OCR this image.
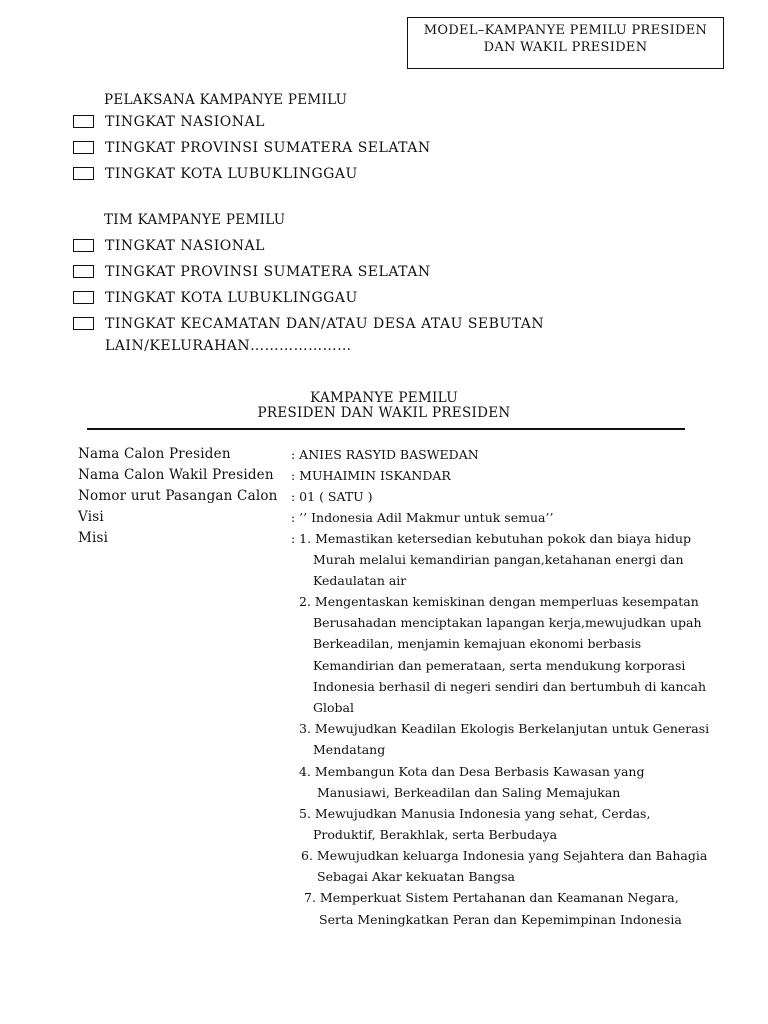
MODEL–KAMPANYE PEMILU PRESIDEN
DAN WAKIL PRESIDEN
PELAKSANA KAMPANYE PEMILU
TINGKAT NASIONAL
TINGKAT PROVINSI SUMATERA SELATAN
TINGKAT KOTA LUBUKLINGGAU
TIM KAMPANYE PEMILU
TINGKAT NASIONAL
TINGKAT PROVINSI SUMATERA SELATAN
TINGKAT KOTA LUBUKLINGGAU
TINGKAT KECAMATAN DAN/ATAU DESA ATAU SEBUTAN
LAIN/KELURAHAN…………………
KAMPANYE PEMILU
PRESIDEN DAN WAKIL PRESIDEN
Nama Calon Presiden	: ANIES RASYID BASWEDAN
Nama Calon Wakil Presiden : MUHAIMIN ISKANDAR
Nomor urut Pasangan Calon : 01 ( SATU )
Visi	: ’’ Indonesia Adil Makmur untuk semua’’
Misi	: 1. Memastikan ketersedian kebutuhan pokok dan biaya hidup
Murah melalui kemandirian pangan,ketahanan energi dan
Kedaulatan air
2. Mengentaskan kemiskinan dengan memperluas kesempatan
Berusahadan menciptakan lapangan kerja,mewujudkan upah
Berkeadilan, menjamin kemajuan ekonomi berbasis
Kemandirian dan pemerataan, serta mendukung korporasi
Indonesia berhasil di negeri sendiri dan bertumbuh di kancah
Global
3. Mewujudkan Keadilan Ekologis Berkelanjutan untuk Generasi
Mendatang
4. Membangun Kota dan Desa Berbasis Kawasan yang
Manusiawi, Berkeadilan dan Saling Memajukan
5. Mewujudkan Manusia Indonesia yang sehat, Cerdas,
Produktif, Berakhlak, serta Berbudaya
6. Mewujudkan keluarga Indonesia yang Sejahtera dan Bahagia
Sebagai Akar kekuatan Bangsa
7. Memperkuat Sistem Pertahanan dan Keamanan Negara,
Serta Meningkatkan Peran dan Kepemimpinan Indonesia
